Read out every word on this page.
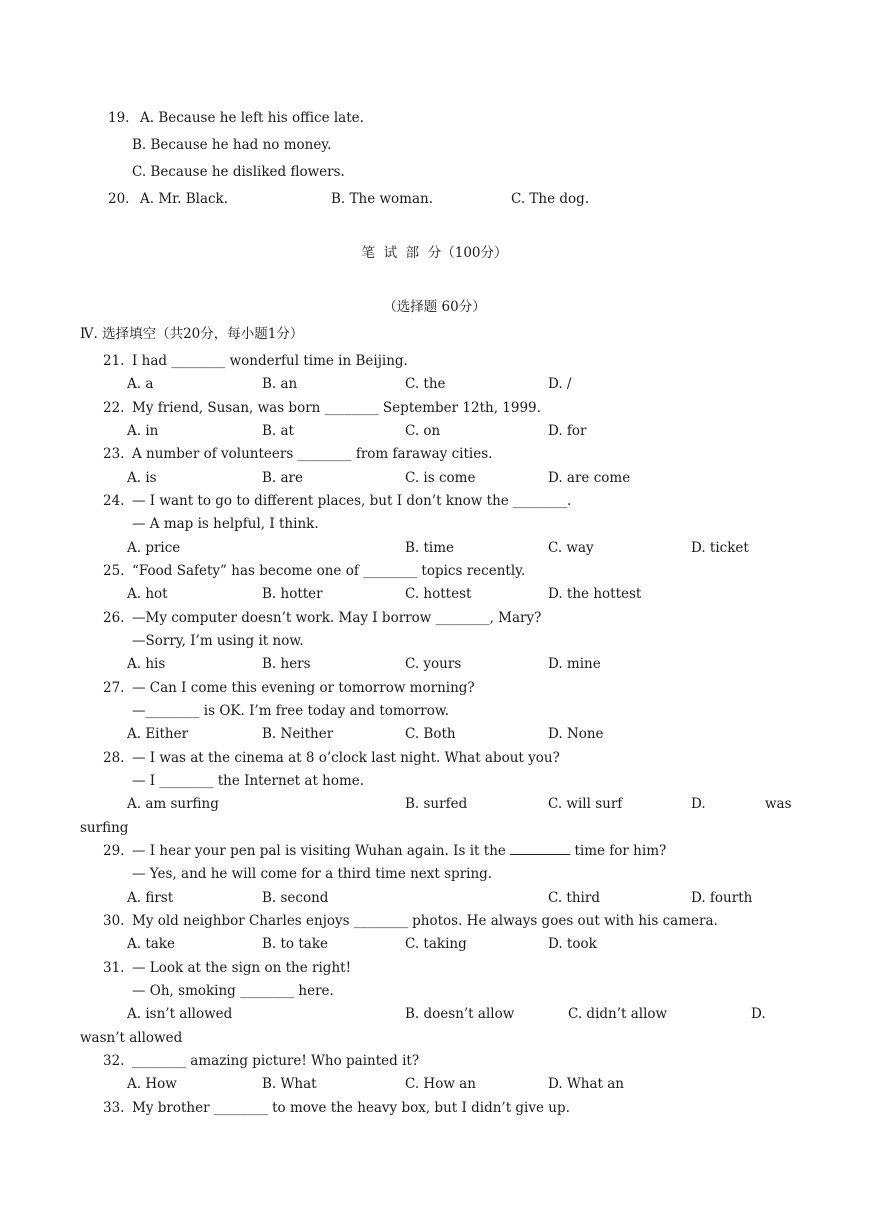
19. A. Because he left his office late.
B. Because he had no money.
C. Because he disliked flowers.
20. A. Mr. Black.	B. The woman.	C. The dog.
笔  试  部  分（100分）
（选择题 60分）
Ⅳ. 选择填空（共20分，每小题1分）
21. I had ________ wonderful time in Beijing.
A. a	B. an	C. the	D. /
22. My friend, Susan, was born ________ September 12th, 1999.
A. in	B. at	C. on	D. for
23. A number of volunteers ________ from faraway cities.
A. is	B. are	C. is come	D. are come
24. — I want to go to different places, but I don’t know the ________.
— A map is helpful, I think.
A. price	B. time	C. way	D. ticket
25. “Food Safety” has become one of ________ topics recently.
A. hot	B. hotter	C. hottest	D. the hottest
26. —My computer doesn’t work. May I borrow ________, Mary?
—Sorry, I’m using it now.
A. his	B. hers	C. yours	D. mine
27. — Can I come this evening or tomorrow morning?
—________ is OK. I’m free today and tomorrow.
A. Either	B. Neither	C. Both	D. None
28. — I was at the cinema at 8 o’clock last night. What about you?
— I ________ the Internet at home.
A. am surfing	B. surfed	C. will surf	D.	was
surfing
29. — I hear your pen pal is visiting Wuhan again. Is it the	time for him?
— Yes, and he will come for a third time next spring.
A. first	B. second	C. third	D. fourth
30. My old neighbor Charles enjoys ________ photos. He always goes out with his camera.
A. take	B. to take	C. taking	D. took
31. — Look at the sign on the right!
— Oh, smoking ________ here.
A. isn’t allowed	B. doesn’t allow	C. didn’t allow	D.
wasn’t allowed
32. ________ amazing picture! Who painted it?
A. How	B. What	C. How an	D. What an
33. My brother ________ to move the heavy box, but I didn’t give up.
